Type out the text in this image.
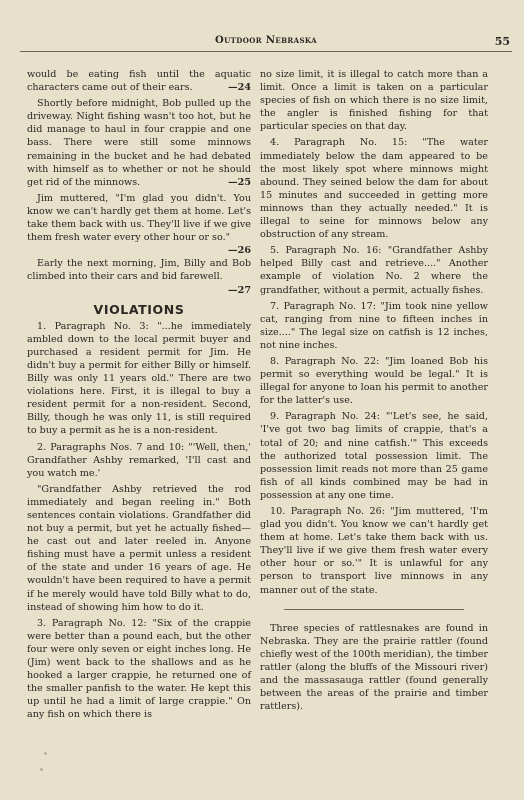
Outdoor Nebraska	55

would be eating fish until the aquatic characters came out of their ears.	—24

Shortly before midnight, Bob pulled up the driveway. Night fishing wasn't too hot, but he did manage to haul in four crappie and one bass. There were still some minnows remaining in the bucket and he had debated with himself as to whether or not he should get rid of the minnows.	—25

Jim muttered, "I'm glad you didn't. You know we can't hardly get them at home. Let's take them back with us. They'll live if we give them fresh water every other hour or so."
—26

Early the next morning, Jim, Billy and Bob climbed into their cars and bid farewell.
—27

VIOLATIONS

1. Paragraph No. 3: "...he immediately ambled down to the local permit buyer and purchased a resident permit for Jim. He didn't buy a permit for either Billy or himself. Billy was only 11 years old." There are two violations here. First, it is illegal to buy a resident permit for a non-resident. Second, Billy, though he was only 11, is still required to buy a permit as he is a non-resident.

2. Paragraphs Nos. 7 and 10: "'Well, then,' Grandfather Ashby remarked, 'I'll cast and you watch me.'

"Grandfather Ashby retrieved the rod immediately and began reeling in." Both sentences contain violations. Grandfather did not buy a permit, but yet he actually fished—he cast out and later reeled in. Anyone fishing must have a permit unless a resident of the state and under 16 years of age. He wouldn't have been required to have a permit if he merely would have told Billy what to do, instead of showing him how to do it.

3. Paragraph No. 12: "Six of the crappie were better than a pound each, but the other four were only seven or eight inches long. He (Jim) went back to the shallows and as he hooked a larger crappie, he returned one of the smaller panfish to the water. He kept this up until he had a limit of large crappie." On any fish on which there is

no size limit, it is illegal to catch more than a limit. Once a limit is taken on a particular species of fish on which there is no size limit, the angler is finished fishing for that particular species on that day.

4. Paragraph No. 15: "The water immediately below the dam appeared to be the most likely spot where minnows might abound. They seined below the dam for about 15 minutes and succeeded in getting more minnows than they actually needed." It is illegal to seine for minnows below any obstruction of any stream.

5. Paragraph No. 16: "Grandfather Ashby helped Billy cast and retrieve...." Another example of violation No. 2 where the grandfather, without a permit, actually fishes.

7. Paragraph No. 17: "Jim took nine yellow cat, ranging from nine to fifteen inches in size...." The legal size on catfish is 12 inches, not nine inches.

8. Paragraph No. 22: "Jim loaned Bob his permit so everything would be legal." It is illegal for anyone to loan his permit to another for the latter's use.

9. Paragraph No. 24: "'Let's see, he said, 'I've got two bag limits of crappie, that's a total of 20; and nine catfish.'" This exceeds the authorized total possession limit. The possession limit reads not more than 25 game fish of all kinds combined may be had in possession at any one time.

10. Paragraph No. 26: "Jim muttered, 'I'm glad you didn't. You know we can't hardly get them at home. Let's take them back with us. They'll live if we give them fresh water every other hour or so.'" It is unlawful for any person to transport live minnows in any manner out of the state.

Three species of rattlesnakes are found in Nebraska. They are the prairie rattler (found chiefly west of the 100th meridian), the timber rattler (along the bluffs of the Missouri river) and the massasauga rattler (found generally between the areas of the prairie and timber rattlers).
